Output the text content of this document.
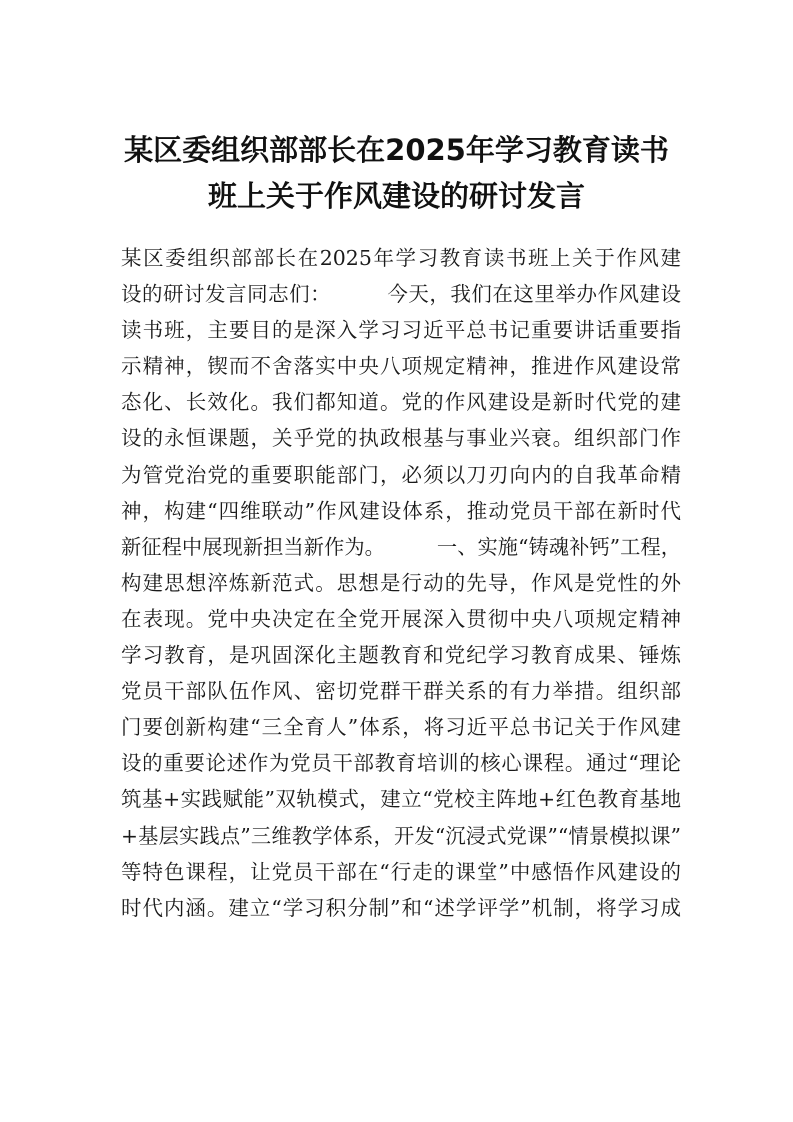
某区委组织部部长在2025年学习教育读书
班上关于作风建设的研讨发言
某区委组织部部长在2025年学习教育读书班上关于作风建
设的研讨发言同志们：        今天，我们在这里举办作风建设
读书班，主要目的是深入学习习近平总书记重要讲话重要指
示精神，锲而不舍落实中央八项规定精神，推进作风建设常
态化、长效化。我们都知道。党的作风建设是新时代党的建
设的永恒课题，关乎党的执政根基与事业兴衰。组织部门作
为管党治党的重要职能部门，必须以刀刃向内的自我革命精
神，构建“四维联动”作风建设体系，推动党员干部在新时代
新征程中展现新担当新作为。        一、实施“铸魂补钙”工程，
构建思想淬炼新范式。思想是行动的先导，作风是党性的外
在表现。党中央决定在全党开展深入贯彻中央八项规定精神
学习教育，是巩固深化主题教育和党纪学习教育成果、锤炼
党员干部队伍作风、密切党群干群关系的有力举措。组织部
门要创新构建“三全育人”体系，将习近平总书记关于作风建
设的重要论述作为党员干部教育培训的核心课程。通过“理论
筑基+实践赋能”双轨模式，建立“党校主阵地+红色教育基地
+基层实践点”三维教学体系，开发“沉浸式党课”“情景模拟课”
等特色课程，让党员干部在“行走的课堂”中感悟作风建设的
时代内涵。建立“学习积分制”和“述学评学”机制，将学习成
